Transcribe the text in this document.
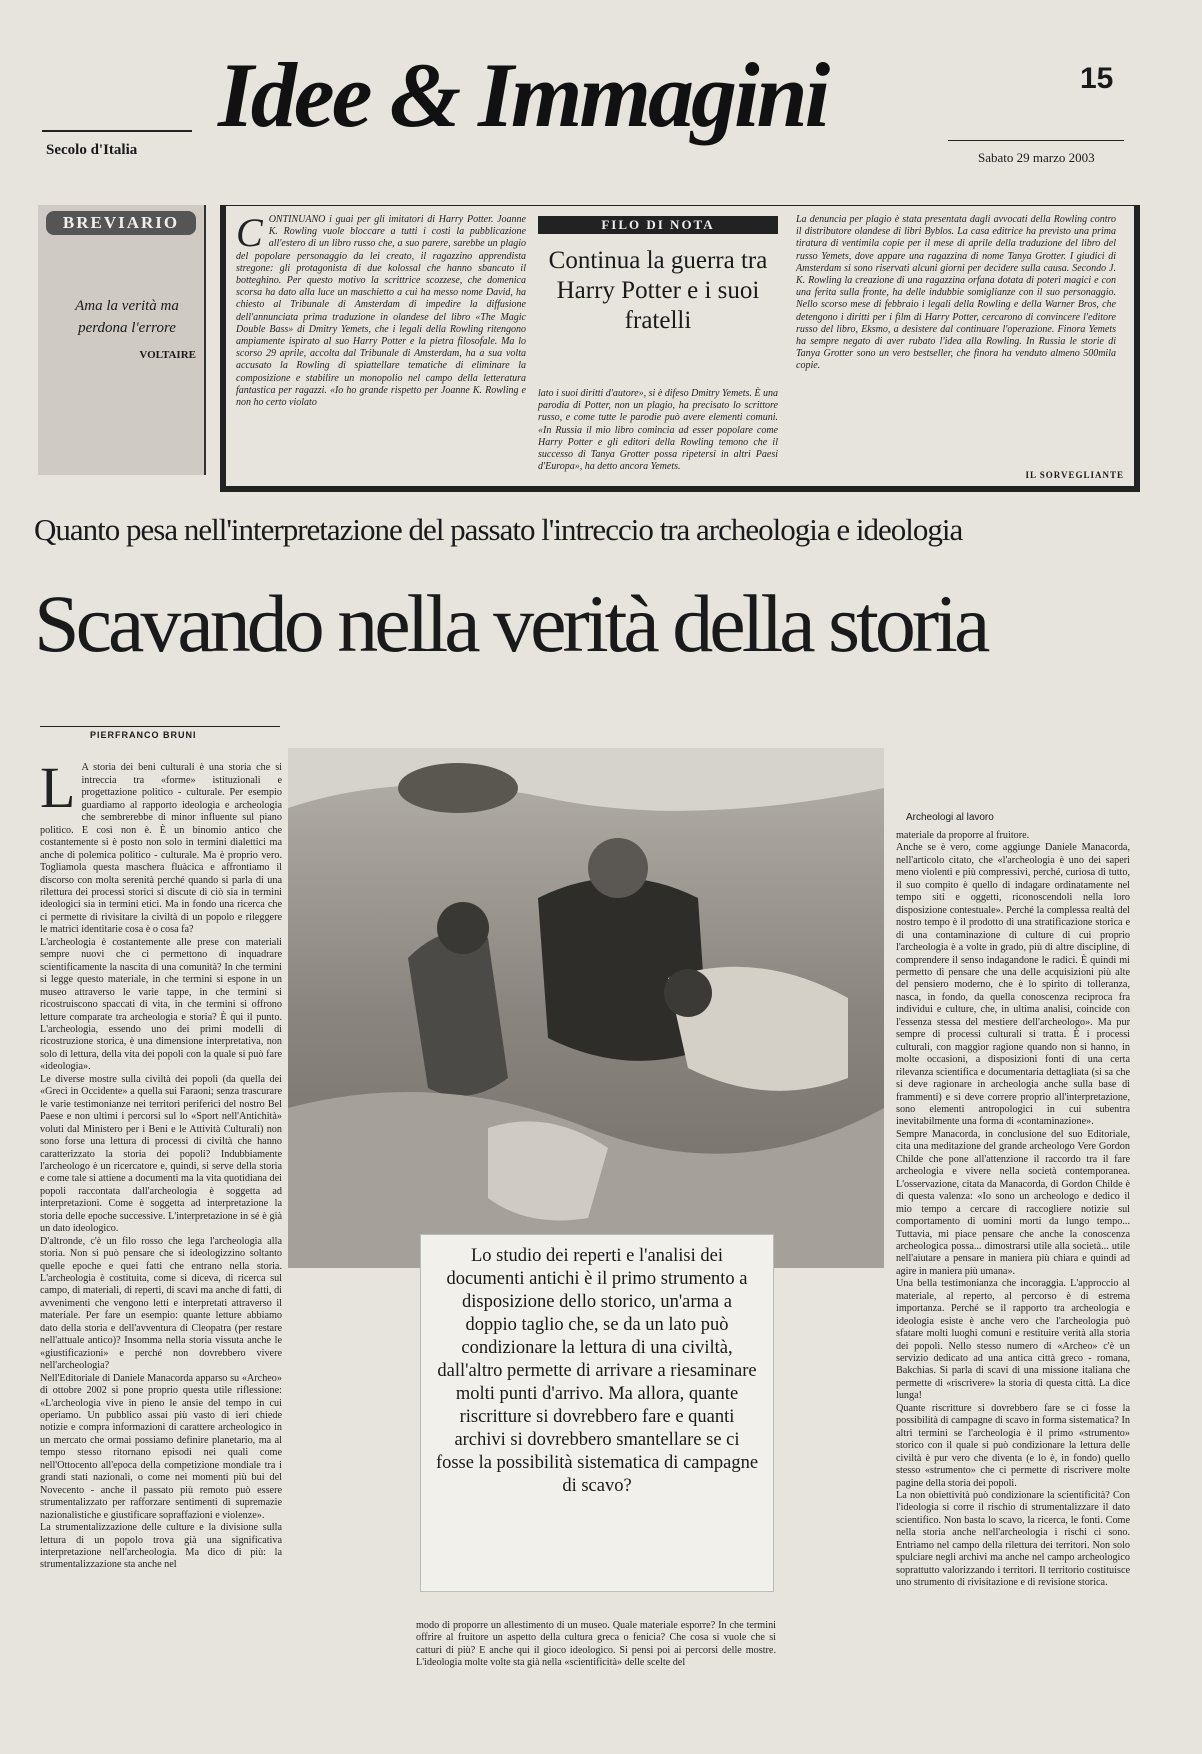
Secolo d'Italia
Idee & Immagini	15
Sabato 29 marzo 2003
BREVIARIO
Ama la verità ma perdona l'errore
VOLTAIRE
CONTINUANO i guai per gli imitatori di Harry Potter. Joanne K. Rowling vuole bloccare a tutti i costi la pubblicazione all'estero di un libro russo che, a suo parere, sarebbe un plagio del popolare personaggio da lei creato, il ragazzino apprendista stregone: gli protagonista di due kolossal che hanno sbancato il botteghino. Per questo motivo la scrittrice scozzese, che domenica scorsa ha dato alla luce un maschietto a cui ha messo nome David, ha chiesto al Tribunale di Amsterdam di impedire la diffusione dell'annunciata prima traduzione in olandese del libro «The Magic Double Bass» di Dmitry Yemets, che i legali della Rowling ritengono ampiamente ispirato al suo Harry Potter e la pietra filosofale. Ma lo scorso 29 aprile, accolta dal Tribunale di Amsterdam, ha a sua volta accusato la Rowling di spiattellare tematiche di eliminare la composizione e stabilire un monopolio nel campo della letteratura fantastica per ragazzi. «Io ho grande rispetto per Joanne K. Rowling e non ho certo violato
FILO DI NOTA
Continua la guerra tra Harry Potter e i suoi fratelli
lato i suoi diritti d'autore», si è difeso Dmitry Yemets. È una parodia di Potter, non un plagio, ha precisato lo scrittore russo, e come tutte le parodie può avere elementi comuni. «In Russia il mio libro comincia ad esser popolare come Harry Potter e gli editori della Rowling temono che il successo di Tanya Grotter possa ripetersi in altri Paesi d'Europa», ha detto ancora Yemets.
La denuncia per plagio è stata presentata dagli avvocati della Rowling contro il distributore olandese di libri Byblos. La casa editrice ha previsto una prima tiratura di ventimila copie per il mese di aprile della traduzione del libro del russo Yemets, dove appare una ragazzina di nome Tanya Grotter. I giudici di Amsterdam si sono riservati alcuni giorni per decidere sulla causa. Secondo J. K. Rowling la creazione di una ragazzina orfana dotata di poteri magici e con una ferita sulla fronte, ha delle indubbie somiglianze con il suo personaggio. Nello scorso mese di febbraio i legali della Rowling e della Warner Bros, che detengono i diritti per i film di Harry Potter, cercarono di convincere l'editore russo del libro, Eksmo, a desistere dal continuare l'operazione. Finora Yemets ha sempre negato di aver rubato l'idea alla Rowling. In Russia le storie di Tanya Grotter sono un vero bestseller, che finora ha venduto almeno 500mila copie.
IL SORVEGLIANTE
Quanto pesa nell'interpretazione del passato l'intreccio tra archeologia e ideologia
Scavando nella verità della storia
PIERFRANCO BRUNI

L A storia dei beni culturali è una storia che si intreccia tra «forme» istituzionali e progettazione politico - culturale. Per esempio guardiamo al rapporto ideologia e archeologia che sembrerebbe di minor influente sul piano politico. E così non è. È un binomio antico che costantemente si è posto non solo in termini dialettici ma anche di polemica politico - culturale. Ma è proprio vero. Togliamola questa maschera fluàcica e affrontiamo il discorso con molta serenità perché quando si parla di una rilettura dei processi storici si discute di ciò sia in termini ideologici sia in termini etici. Ma in fondo una ricerca che ci permette di rivisitare la civiltà di un popolo e rileggere le matrici identitarie cosa è o cosa fa?
L'archeologia è costantemente alle prese con materiali sempre nuovi che ci permettono di inquadrare scientificamente la nascita di una comunità? In che termini si legge questo materiale, in che termini si espone in un museo attraverso le varie tappe, in che termini si ricostruiscono spaccati di vita, in che termini si offrono letture comparate tra archeologia e storia? È qui il punto. L'archeologia, essendo uno dei primi modelli di ricostruzione storica, è una dimensione interpretativa, non solo di lettura, della vita dei popoli con la quale si può fare «ideologia».
Le diverse mostre sulla civiltà dei popoli (da quella dei «Greci in Occidente» a quella sui Faraoni; senza trascurare le varie testimonianze nei territori periferici del nostro Bel Paese e non ultimi i percorsi sul lo «Sport nell'Antichità» voluti dal Ministero per i Beni e le Attività Culturali) non sono forse una lettura di processi di civiltà che hanno caratterizzato la storia dei popoli? Indubbiamente l'archeologo è un ricercatore e, quindi, si serve della storia e come tale si attiene a documenti ma la vita quotidiana dei popoli raccontata dall'archeologia è soggetta ad interpretazioni. Come è soggetta ad interpretazione la storia delle epoche successive. L'interpretazione in sé è già un dato ideologico.
D'altronde, c'è un filo rosso che lega l'archeologia alla storia. Non si può pensare che si ideologizzino soltanto quelle epoche e quei fatti che entrano nella storia. L'archeologia è costituita, come si diceva, di ricerca sul campo, di materiali, di reperti, di scavi ma anche di fatti, di avvenimenti che vengono letti e interpretati attraverso il materiale. Per fare un esempio: quante letture abbiamo dato della storia e dell'avventura di Cleopatra (per restare nell'attuale antico)? Insomma nella storia vissuta anche le «giustificazioni» e perché non dovrebbero vivere nell'archeologia?
Nell'Editoriale di Daniele Manacorda apparso su «Archeo» di ottobre 2002 si pone proprio questa utile riflessione: «L'archeologia vive in pieno le ansie del tempo in cui operiamo. Un pubblico assai più vasto di ieri chiede notizie e compra informazioni di carattere archeologico in un mercato che ormai possiamo definire planetario, ma al tempo stesso ritornano episodi nei quali come nell'Ottocento all'epoca della competizione mondiale tra i grandi stati nazionali, o come nei momenti più bui del Novecento - anche il passato più remoto può essere strumentalizzato per rafforzare sentimenti di supremazie nazionalistiche e giustificare sopraffazioni e violenze».
La strumentalizzazione delle culture e la divisione sulla lettura di un popolo trova già una significativa interpretazione nell'archeologia. Ma dico di più: la strumentalizzazione sta anche nel

Archeologi al lavoro
Lo studio dei reperti e l'analisi dei documenti antichi è il primo strumento a disposizione dello storico, un'arma a doppio taglio che, se da un lato può condizionare la lettura di una civiltà, dall'altro permette di arrivare a riesaminare molti punti d'arrivo. Ma allora, quante riscritture si dovrebbero fare e quanti archivi si dovrebbero smantellare se ci fosse la possibilità sistematica di campagne di scavo?
modo di proporre un allestimento di un museo. Quale materiale esporre? In che termini offrire al fruitore un aspetto della cultura greca o fenicia? Che cosa si vuole che si catturi di più? E anche qui il gioco ideologico. Si pensi poi ai percorsi delle mostre. L'ideologia molte volte sta già nella «scientificità» delle scelte del
materiale da proporre al fruitore.
Anche se è vero, come aggiunge Daniele Manacorda, nell'articolo citato, che «l'archeologia è uno dei saperi meno violenti e più compressivi, perché, curiosa di tutto, il suo compito è quello di indagare ordinatamente nel tempo siti e oggetti, riconoscendoli nella loro disposizione contestuale». Perché la complessa realtà del nostro tempo è il prodotto di una stratificazione storica e di una contaminazione di culture di cui proprio l'archeologia è a volte in grado, più di altre discipline, di comprendere il senso indagandone le radici. È quindi mi permetto di pensare che una delle acquisizioni più alte del pensiero moderno, che è lo spirito di tolleranza, nasca, in fondo, da quella conoscenza reciproca fra individui e culture, che, in ultima analisi, coincide con l'essenza stessa del mestiere dell'archeologo». Ma pur sempre di processi culturali si tratta. È i processi culturali, con maggior ragione quando non si hanno, in molte occasioni, a disposizioni fonti di una certa rilevanza scientifica e documentaria dettagliata (si sa che si deve ragionare in archeologia anche sulla base di frammenti) e si deve correre proprio all'interpretazione, sono elementi antropologici in cui subentra inevitabilmente una forma di «contaminazione».
Sempre Manacorda, in conclusione del suo Editoriale, cita una meditazione del grande archeologo Vere Gordon Childe che pone all'attenzione il raccordo tra il fare archeologia e vivere nella società contemporanea. L'osservazione, citata da Manacorda, di Gordon Childe è di questa valenza: «Io sono un archeologo e dedico il mio tempo a cercare di raccogliere notizie sul comportamento di uomini morti da lungo tempo... Tuttavia, mi piace pensare che anche la conoscenza archeologica possa... dimostrarsi utile alla società... utile nell'aiutare a pensare in maniera più chiara e quindi ad agire in maniera più umana».
Una bella testimonianza che incoraggia. L'approccio al materiale, al reperto, al percorso è di estrema importanza. Perché se il rapporto tra archeologia e ideologia esiste è anche vero che l'archeologia può sfatare molti luoghi comuni e restituire verità alla storia dei popoli. Nello stesso numero di «Archeo» c'è un servizio dedicato ad una antica città greco - romana, Bakchias. Si parla di scavi di una missione italiana che permette di «riscrivere» la storia di questa città. La dice lunga!
Quante riscritture si dovrebbero fare se ci fosse la possibilità di campagne di scavo in forma sistematica? In altri termini se l'archeologia è il primo «strumento» storico con il quale si può condizionare la lettura delle civiltà è pur vero che diventa (e lo è, in fondo) quello stesso «strumento» che ci permette di riscrivere molte pagine della storia dei popoli.
La non obiettività può condizionare la scientificità? Con l'ideologia si corre il rischio di strumentalizzare il dato scientifico. Non basta lo scavo, la ricerca, le fonti. Come nella storia anche nell'archeologia i rischi ci sono. Entriamo nel campo della rilettura dei territori. Non solo spulciare negli archivi ma anche nel campo archeologico soprattutto valorizzando i territori. Il territorio costituisce uno strumento di rivisitazione e di revisione storica.
